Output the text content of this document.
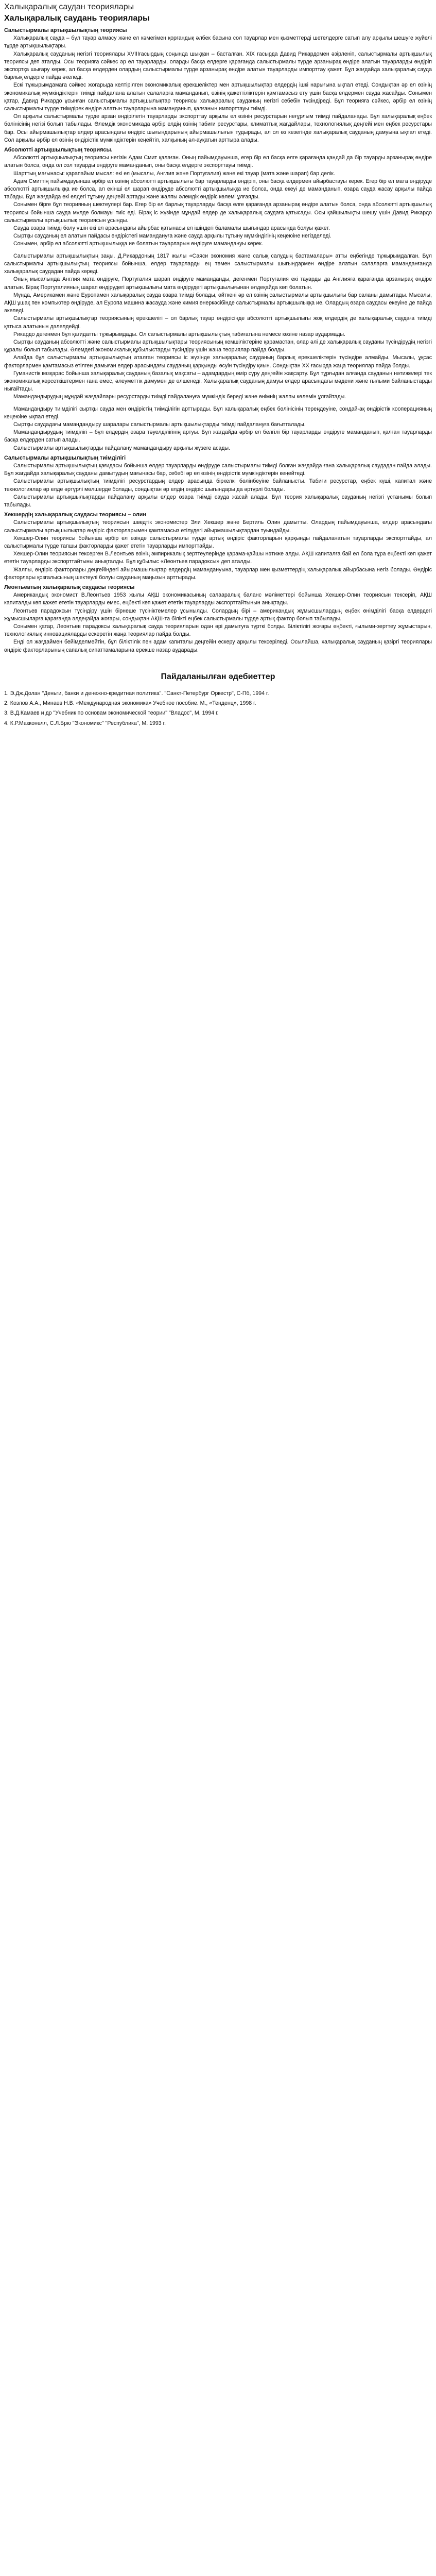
Халықаралық саудан теориялары
Халықаралық саудань теориялары
Салыстырмалы артықшылықтың теориясы

Халықаралық сауда – бұл тауар алмасу және ел кәмегімен қорғандық әлбек басына сол тауарлар мен қызметтерді шетелдерге сатып алу арқылы шешуге жуйелі тұрде артықшылықтары.

Халықаралық сауданың негізгі теориялары XVIIIғасырдың соңында шыққан – басталған. XIX ғасырда Давид Рикардомен әзірленіп, салыстырмалы артықшылық теориясы деп аталды. Осы теорияға сәйкес әр ел тауарларды, оларды басқа елдерге қарағанда салыстырмалы түрде арзанырақ өндіре алатын тауарларды өндіріп экспортқа шығару керек, ал басқа елдерден олардың салыстырмалы түрде арзанырақ өндіре алатын тауарларды импорттау қажет. Бұл жағдайда халықаралық сауда барлық елдерге пайда әкеледі.

Ескі тұжырымдамаға сәйкес жоғарыда келтірілген экономикалық ерекшеліктер мен артықшылықтар елдердің ішкі нарығына ықпал етеді. Сондықтан әр ел өзінің экономикалық мүмкіндіктерін тиімді пайдалана алатын салаларға маманданып, өзінің қажеттіліктерін қамтамасыз ету үшін басқа елдермен сауда жасайды. Сонымен қатар, Давид Рикардо ұсынған салыстырмалы артықшылықтар теориясы халықаралық сауданың негізгі себебін түсіндіреді. Бұл теорияға сәйкес, әрбір ел өзінің салыстырмалы түрде тиімдірек өндіре алатын тауарларына маманданып, қалғанын импорттауы тиімді.

Ол арқылы салыстырмалы түрде арзан өндірілетін тауарларды экспорттау арқылы ел өзінің ресурстарын неғұрлым тиімді пайдаланады. Бұл халықаралық еңбек бөлінісінің негізі болып табылады. Әлемдік экономикада әрбір елдің өзінің табиғи ресурстары, климаттық жағдайлары, технологиялық деңгейі мен еңбек ресурстары бар. Осы айырмашылықтар елдер арасындағы өндіріс шығындарының айырмашылығын тудырады, ал ол өз кезегінде халықаралық сауданың дамуына ықпал етеді. Сол арқылы әрбір ел өзінің өндірістік мүмкіндіктерін кеңейтіп, халқының әл-ауқатын арттыра алады.

Абсолютті артықшылықтың теориясы.

Абсолютті артықшылықтың теориясы негізін Адам Смит қалаған. Оның пайымдауынша, егер бір ел басқа елге қарағанда қандай да бір тауарды арзанырақ өндіре алатын болса, онда ол сол тауарды өндіруге маманданып, оны басқа елдерге экспорттауы тиімді.

Шарттың мағынасы: қарапайым мысал: екі ел (мысалы, Англия және Португалия) және екі тауар (мата және шарап) бар делік.

Адам Смиттің пайымдауынша әрбір ел өзінің абсолютті артықшылығы бар тауарларды өндіріп, оны басқа елдермен айырбастауы керек. Егер бір ел мата өндіруде абсолютті артықшылыққа ие болса, ал екінші ел шарап өндіруде абсолютті артықшылыққа ие болса, онда екеуі де маманданып, өзара сауда жасау арқылы пайда табады. Бұл жағдайда екі елдегі тұтыну деңгейі артады және жалпы әлемдік өндіріс көлемі ұлғаяды.

Сонымен бірге бұл теорияның шектеулері бар. Егер бір ел барлық тауарларды басқа елге қарағанда арзанырақ өндіре алатын болса, онда абсолютті артықшылық теориясы бойынша сауда мүлде болмауы тиіс еді. Бірақ іс жүзінде мұндай елдер де халықаралық саудаға қатысады. Осы қайшылықты шешу үшін Давид Рикардо салыстырмалы артықшылық теориясын ұсынды.

Сауда өзара тиімді болу үшін екі ел арасындағы айырбас қатынасы ел ішіндегі баламалы шығындар арасында болуы қажет.

Сыртқы сауданың ел алатын пайдасы өндірістегі мамандануға және сауда арқылы тұтыну мүмкіндігінің кеңеюіне негізделеді.

Сонымен, әрбір ел абсолютті артықшылыққа ие болатын тауарларын өндіруге мамандануы керек.

Салыстырмалы артықшылықтың заңы. Д.Рикардоның 1817 жылы «Саяси экономия және салық салудың бастамалары» атты еңбегінде тұжырымдалған. Бұл салыстырмалы артықшылықтың теориясы бойынша, елдер тауарларды ең төмен салыстырмалы шығындармен өндіре алатын салаларға маманданғанда халықаралық саудадан пайда көреді.

Оның мысалында Англия мата өндіруге, Португалия шарап өндіруге маманданды, дегенмен Португалия екі тауарды да Англияға қарағанда арзанырақ өндіре алатын. Бірақ Португалияның шарап өндірудегі артықшылығы мата өндірудегі артықшылығынан әлдеқайда көп болатын.

Мұнда, Америкамен және Еуропамен халықаралық сауда өзара тиімді болады, өйткені әр ел өзінің салыстырмалы артықшылығы бар саланы дамытады. Мысалы, АҚШ ұшақ пен компьютер өндіруде, ал Еуропа машина жасауда және химия өнеркәсібінде салыстырмалы артықшылыққа ие. Олардың өзара саудасы екеуіне де пайда әкеледі.

Салыстырмалы артықшылықтар теориясының ерекшелігі – ол барлық тауар өндірісінде абсолютті артықшылығы жоқ елдердің де халықаралық саудаға тиімді қатыса алатынын дәлелдейді.

Рикардо дегенмен бұл қағидатты тұжырымдады. Ол салыстырмалы артықшылықтың табиғатына немесе көзіне назар аудармады.

Сыртқы сауданың абсолютті және салыстырмалы артықшылықтары теориясының кемшіліктеріне қарамастан, олар әлі де халықаралық сауданы түсіндірудің негізгі құралы болып табылады. Әлемдегі экономикалық құбылыстарды түсіндіру үшін жаңа теориялар пайда болды.

Алайда бұл салыстырмалы артықшылықтың аталған теориясы іс жүзінде халықаралық сауданың барлық ерекшеліктерін түсіндіре алмайды. Мысалы, ұқсас факторлармен қамтамасыз етілген дамыған елдер арасындағы сауданың қарқынды өсуін түсіндіру қиын. Сондықтан ХХ ғасырда жаңа теориялар пайда болды.

Гуманистік көзқарас бойынша халықаралық сауданың базалық мақсаты – адамдардың өмір сүру деңгейін жақсарту. Бұл тұрғыдан алғанда сауданың нәтижелері тек экономикалық көрсеткіштермен ғана емес, әлеуметтік дамумен де өлшенеді. Халықаралық сауданың дамуы елдер арасындағы мәдени және ғылыми байланыстарды нығайтады.

Мамандандырудың мұндай жағдайлары ресурстарды тиімді пайдалануға мүмкіндік береді және өнімнің жалпы көлемін ұлғайтады.

Мамандандыру тиімділігі сыртқы сауда мен өндірістің тиімділігін арттырады. Бұл халықаралық еңбек бөлінісінің тереңдеуіне, сондай-ақ өндірістік кооперацияның кеңеюіне ықпал етеді.

Сыртқы саудадағы мамандандыру шаралары салыстырмалы артықшылықтарды тиімді пайдалануға бағытталады.

Мамандандырудың тиімділігі – бұл елдердің өзара тәуелділігінің артуы. Бұл жағдайда әрбір ел белгілі бір тауарларды өндіруге маманданып, қалған тауарларды басқа елдерден сатып алады.

Салыстырмалы артықшылықтарды пайдалану мамандандыру арқылы жүзеге асады.

Салыстырмалы артықшылықтың тиімділігі

Салыстырмалы артықшылықтың қағидасы бойынша елдер тауарларды өндіруде салыстырмалы тиімді болған жағдайда ғана халықаралық саудадан пайда алады. Бұл жағдайда халықаралық сауданы дамытудың мағынасы бар, себебі әр ел өзінің өндірістік мүмкіндіктерін кеңейтеді.

Салыстырмалы артықшылықтың тиімділігі ресурстардың елдер арасында біркелкі бөлінбеуіне байланысты. Табиғи ресурстар, еңбек күші, капитал және технологиялар әр елде әртүрлі мөлшерде болады, сондықтан әр елдің өндіріс шығындары да әртүрлі болады.

Салыстырмалы артықшылықтарды пайдалану арқылы елдер өзара тиімді сауда жасай алады. Бұл теория халықаралық сауданың негізгі ұстанымы болып табылады.

Хекшердің халықаралық саудасы теориясы – олин

Салыстырмалы артықшылықтың теориясын шведтік экономистер Эли Хекшер және Бертиль Олин дамытты. Олардың пайымдауынша, елдер арасындағы салыстырмалы артықшылықтар өндіріс факторларымен қамтамасыз етілудегі айырмашылықтардан туындайды.

Хекшер-Олин теориясы бойынша әрбір ел өзінде салыстырмалы түрде артық өндіріс факторларын қарқынды пайдаланатын тауарларды экспорттайды, ал салыстырмалы түрде тапшы факторларды қажет ететін тауарларды импорттайды.

Хекшер-Олин теориясын тексерген В.Леонтьев өзінің эмпирикалық зерттеулерінде қарама-қайшы нәтиже алды. АҚШ капиталға бай ел бола тұра еңбекті көп қажет ететін тауарларды экспорттайтыны анықталды. Бұл құбылыс «Леонтьев парадоксы» деп аталды.

Жалпы, өндіріс факторлары деңгейіндегі айырмашылықтар елдердің мамандануына, тауарлар мен қызметтердің халықаралық айырбасына негіз болады. Өндіріс факторлары қозғалысының шектеулі болуы сауданың маңызын арттырады.

Леонтьевтың халықаралық саудасы теориясы

Американдық экономист В.Леонтьев 1953 жылы АҚШ экономикасының салааралық баланс мәліметтері бойынша Хекшер-Олин теориясын тексеріп, АҚШ капиталды көп қажет ететін тауарларды емес, еңбекті көп қажет ететін тауарларды экспорттайтынын анықтады.

Леонтьев парадоксын түсіндіру үшін бірнеше түсініктемелер ұсынылды. Солардың бірі – американдық жұмысшылардың еңбек өнімділігі басқа елдердегі жұмысшыларға қарағанда әлдеқайда жоғары, сондықтан АҚШ-та білікті еңбек салыстырмалы түрде артық фактор болып табылады.

Сонымен қатар, Леонтьев парадоксы халықаралық сауда теорияларын одан әрі дамытуға түрткі болды. Біліктілігі жоғары еңбекті, ғылыми-зерттеу жұмыстарын, технологиялық инновацияларды ескеретін жаңа теориялар пайда болды.

Енді ол жағдаймен бейімделмейтін, бұл біліктілік пен адам капиталы деңгейін ескеру арқылы тексеріледі. Осылайша, халықаралық сауданың қазіргі теориялары өндіріс факторларының сапалық сипаттамаларына ерекше назар аударады.

Пайдаланылған әдебиеттер
1. Э.Дж.Долан "Деньги, банки и денежно-кредитная политика". "Санкт-Петербург Оркестр", С-Пб, 1994 г.
2. Козлов А.А., Минаев Н.В. «Международная экономика» Учебное пособие. М., «Тенденц», 1998 г.
3. В.Д.Камаев и др "Учебник по основам экономической теории" "Владос", М. 1994 г.
4. К.Р.Макконелл, С.Л.Брю "Экономикс" "Республика", М. 1993 г.
